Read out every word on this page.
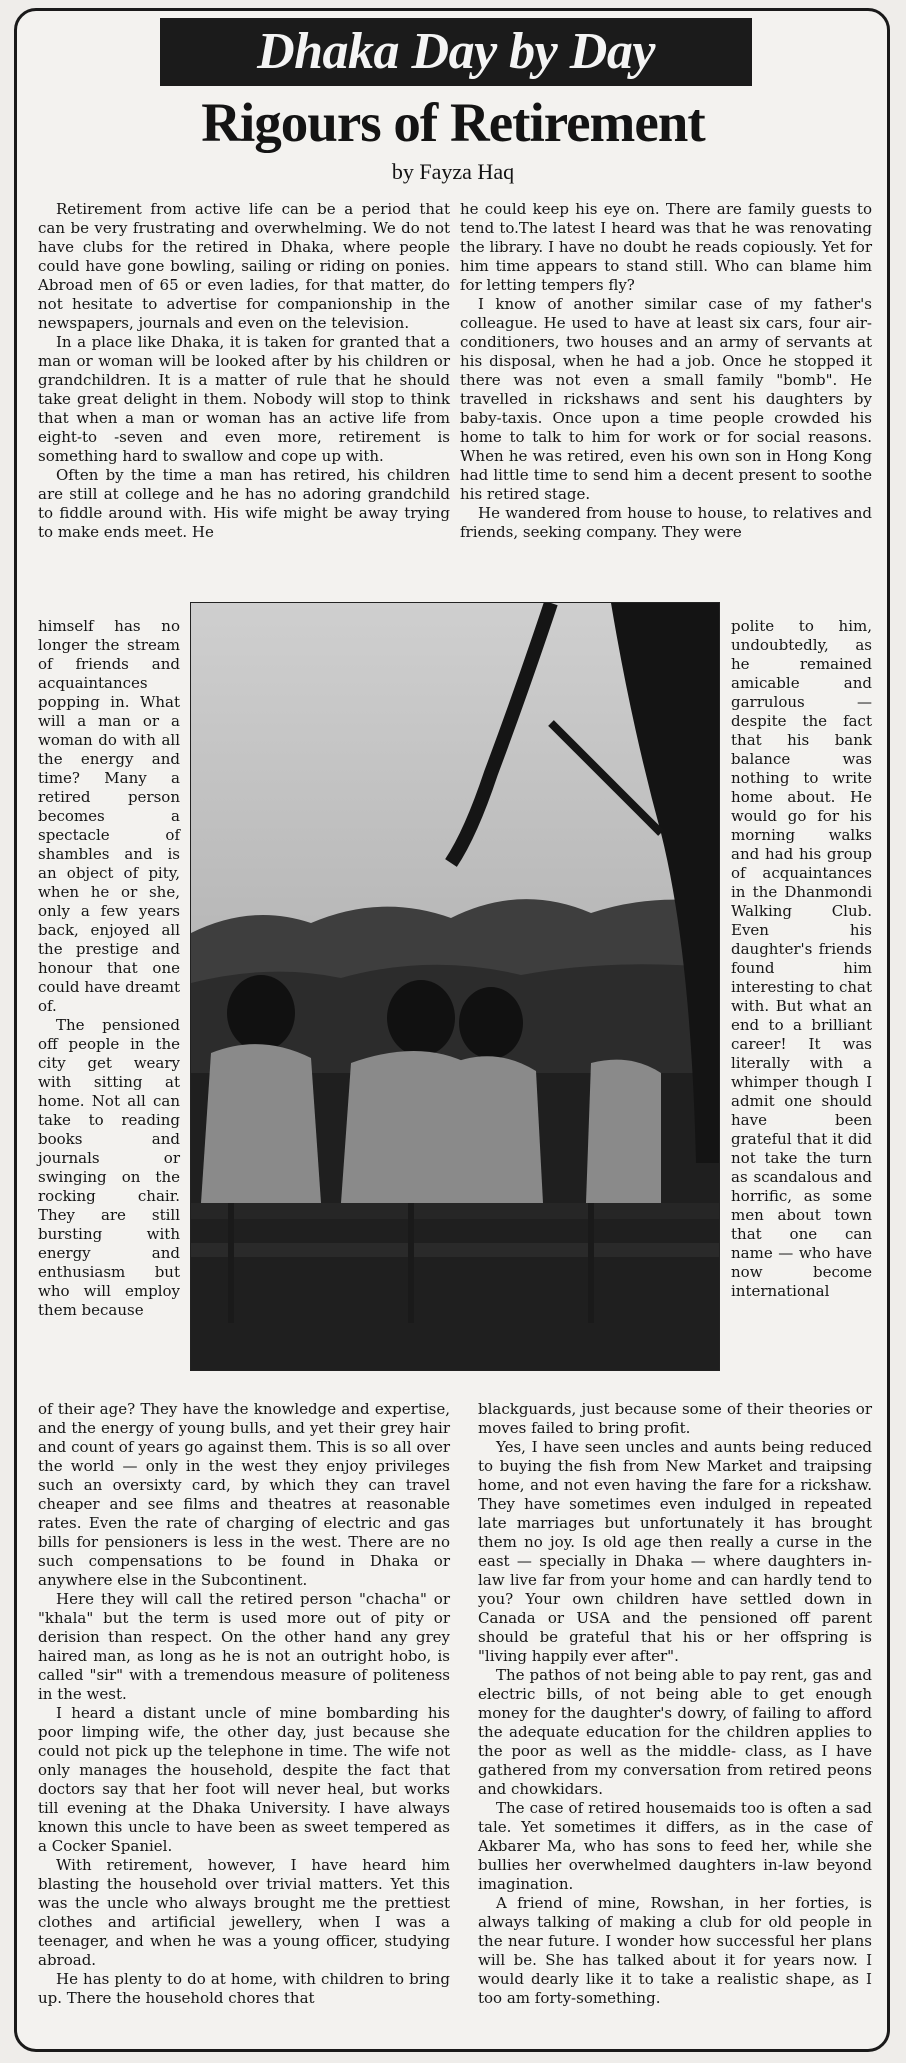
Dhaka Day by Day
Rigours of Retirement
by Fayza Haq

Retirement from active life can be a period that can be very frustrating and overwhelming. We do not have clubs for the retired in Dhaka, where people could have gone bowling, sailing or riding on ponies. Abroad men of 65 or even ladies, for that matter, do not hesitate to advertise for companionship in the newspapers, journals and even on the television.

In a place like Dhaka, it is taken for granted that a man or woman will be looked after by his children or grandchildren. It is a matter of rule that he should take great delight in them. Nobody will stop to think that when a man or woman has an active life from eight-to -seven and even more, retirement is something hard to swallow and cope up with.

Often by the time a man has retired, his children are still at college and he has no adoring grandchild to fiddle around with. His wife might be away trying to make ends meet. He

he could keep his eye on. There are family guests to tend to.The latest I heard was that he was renovating the library. I have no doubt he reads copiously. Yet for him time appears to stand still. Who can blame him for letting tempers fly?

I know of another similar case of my father's colleague. He used to have at least six cars, four air-conditioners, two houses and an army of servants at his disposal, when he had a job. Once he stopped it there was not even a small family "bomb". He travelled in rickshaws and sent his daughters by baby-taxis. Once upon a time people crowded his home to talk to him for work or for social reasons. When he was retired, even his own son in Hong Kong had little time to send him a decent present to soothe his retired stage.

He wandered from house to house, to relatives and friends, seeking company. They were

himself has no longer the stream of friends and acquaintances popping in. What will a man or a woman do with all the energy and time? Many a retired person becomes a spectacle of shambles and is an object of pity, when he or she, only a few years back, enjoyed all the prestige and honour that one could have dreamt of.

The pensioned off people in the city get weary with sitting at home. Not all can take to reading books and journals or swinging on the rocking chair. They are still bursting with energy and enthusiasm but who will employ them because

polite to him, undoubtedly, as he remained amicable and garrulous — despite the fact that his bank balance was nothing to write home about. He would go for his morning walks and had his group of acquaintances in the Dhanmondi Walking Club. Even his daughter's friends found him interesting to chat with. But what an end to a brilliant career! It was literally with a whimper though I admit one should have been grateful that it did not take the turn as scandalous and horrific, as some men about town that one can name — who have now become international

of their age? They have the knowledge and expertise, and the energy of young bulls, and yet their grey hair and count of years go against them. This is so all over the world — only in the west they enjoy privileges such an oversixty card, by which they can travel cheaper and see films and theatres at reasonable rates. Even the rate of charging of electric and gas bills for pensioners is less in the west. There are no such compensations to be found in Dhaka or anywhere else in the Subcontinent.

Here they will call the retired person "chacha" or "khala" but the term is used more out of pity or derision than respect. On the other hand any grey haired man, as long as he is not an outright hobo, is called "sir" with a tremendous measure of politeness in the west.

I heard a distant uncle of mine bombarding his poor limping wife, the other day, just because she could not pick up the telephone in time. The wife not only manages the household, despite the fact that doctors say that her foot will never heal, but works till evening at the Dhaka University. I have always known this uncle to have been as sweet tempered as a Cocker Spaniel.

With retirement, however, I have heard him blasting the household over trivial matters. Yet this was the uncle who always brought me the prettiest clothes and artificial jewellery, when I was a teenager, and when he was a young officer, studying abroad.

He has plenty to do at home, with children to bring up. There the household chores that

blackguards, just because some of their theories or moves failed to bring profit.

Yes, I have seen uncles and aunts being reduced to buying the fish from New Market and traipsing home, and not even having the fare for a rickshaw. They have sometimes even indulged in repeated late marriages but unfortunately it has brought them no joy. Is old age then really a curse in the east — specially in Dhaka — where daughters in-law live far from your home and can hardly tend to you? Your own children have settled down in Canada or USA and the pensioned off parent should be grateful that his or her offspring is "living happily ever after".

The pathos of not being able to pay rent, gas and electric bills, of not being able to get enough money for the daughter's dowry, of failing to afford the adequate education for the children applies to the poor as well as the middle- class, as I have gathered from my conversation from retired peons and chowkidars.

The case of retired housemaids too is often a sad tale. Yet sometimes it differs, as in the case of Akbarer Ma, who has sons to feed her, while she bullies her overwhelmed daughters in-law beyond imagination.

A friend of mine, Rowshan, in her forties, is always talking of making a club for old people in the near future. I wonder how successful her plans will be. She has talked about it for years now. I would dearly like it to take a realistic shape, as I too am forty-something.
